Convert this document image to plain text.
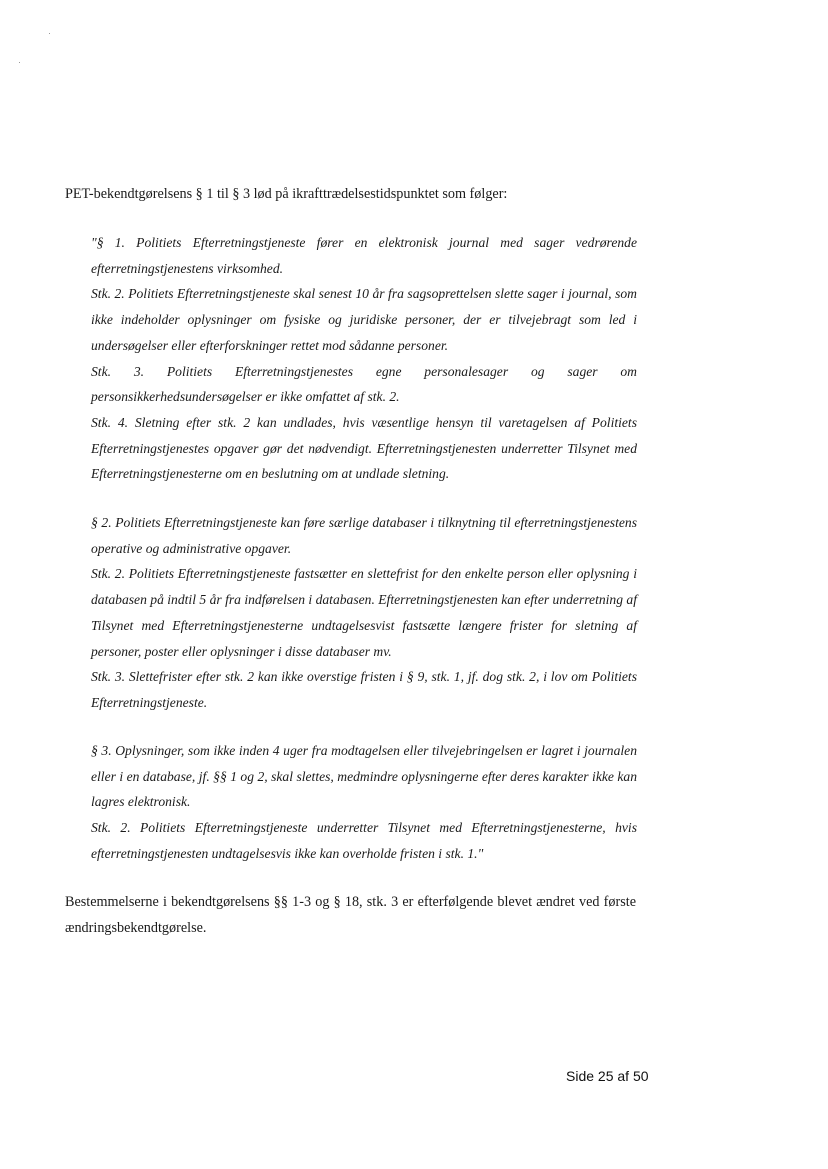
PET-bekendtgørelsens § 1 til § 3 lød på ikrafttrædelsestidspunktet som følger:

"§ 1. Politiets Efterretningstjeneste fører en elektronisk journal med sager vedrørende efterretningstjenestens virksomhed.

Stk. 2. Politiets Efterretningstjeneste skal senest 10 år fra sagsoprettelsen slette sager i journal, som ikke indeholder oplysninger om fysiske og juridiske personer, der er tilvejebragt som led i undersøgelser eller efterforskninger rettet mod sådanne personer.

Stk. 3. Politiets Efterretningstjenestes egne personalesager og sager om personsikkerhedsundersøgelser er ikke omfattet af stk. 2.

Stk. 4. Sletning efter stk. 2 kan undlades, hvis væsentlige hensyn til varetagelsen af Politiets Efterretningstjenestes opgaver gør det nødvendigt. Efterretningstjenesten underretter Tilsynet med Efterretningstjenesterne om en beslutning om at undlade sletning.

§ 2. Politiets Efterretningstjeneste kan føre særlige databaser i tilknytning til efterretningstjenestens operative og administrative opgaver.

Stk. 2. Politiets Efterretningstjeneste fastsætter en slettefrist for den enkelte person eller oplysning i databasen på indtil 5 år fra indførelsen i databasen. Efterretningstjenesten kan efter underretning af Tilsynet med Efterretningstjenesterne undtagelsesvist fastsætte længere frister for sletning af personer, poster eller oplysninger i disse databaser mv.

Stk. 3. Slettefrister efter stk. 2 kan ikke overstige fristen i § 9, stk. 1, jf. dog stk. 2, i lov om Politiets Efterretningstjeneste.

§ 3. Oplysninger, som ikke inden 4 uger fra modtagelsen eller tilvejebringelsen er lagret i journalen eller i en database, jf. §§ 1 og 2, skal slettes, medmindre oplysningerne efter deres karakter ikke kan lagres elektronisk.

Stk. 2. Politiets Efterretningstjeneste underretter Tilsynet med Efterretningstjenesterne, hvis efterretningstjenesten undtagelsesvis ikke kan overholde fristen i stk. 1."

Bestemmelserne i bekendtgørelsens §§ 1-3 og § 18, stk. 3 er efterfølgende blevet ændret ved første ændringsbekendtgørelse.

Side 25 af 50
